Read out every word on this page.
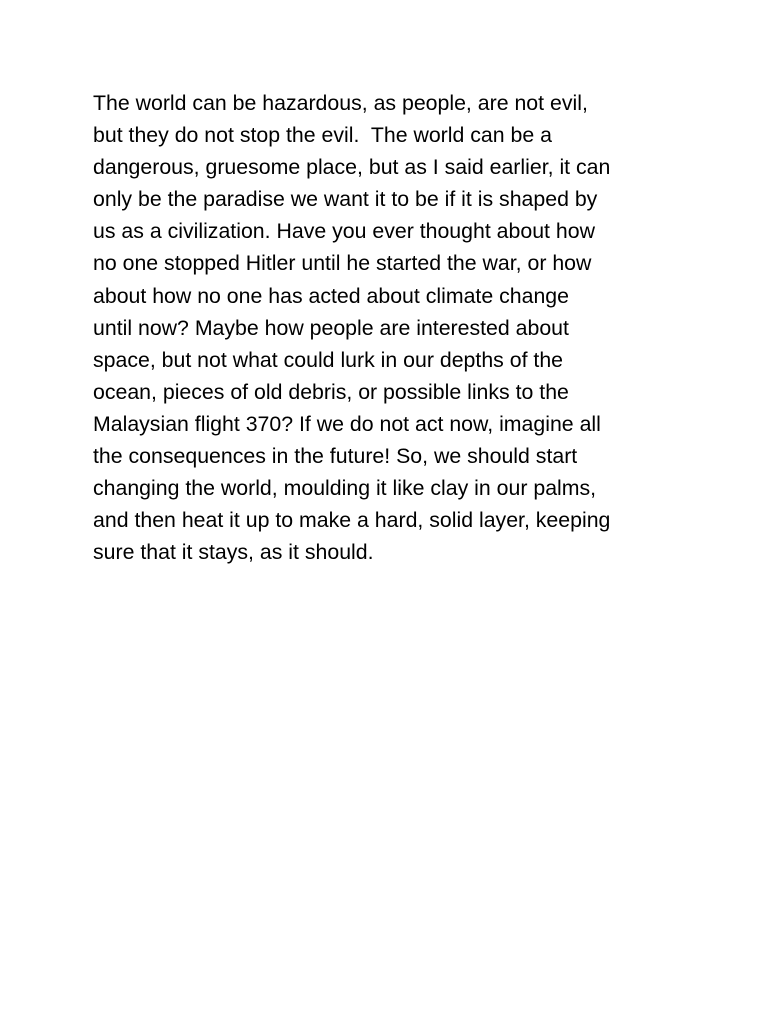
The world can be hazardous, as people, are not evil,
but they do not stop the evil.  The world can be a
dangerous, gruesome place, but as I said earlier, it can
only be the paradise we want it to be if it is shaped by
us as a civilization. Have you ever thought about how
no one stopped Hitler until he started the war, or how
about how no one has acted about climate change
until now? Maybe how people are interested about
space, but not what could lurk in our depths of the
ocean, pieces of old debris, or possible links to the
Malaysian flight 370? If we do not act now, imagine all
the consequences in the future! So, we should start
changing the world, moulding it like clay in our palms,
and then heat it up to make a hard, solid layer, keeping
sure that it stays, as it should.
